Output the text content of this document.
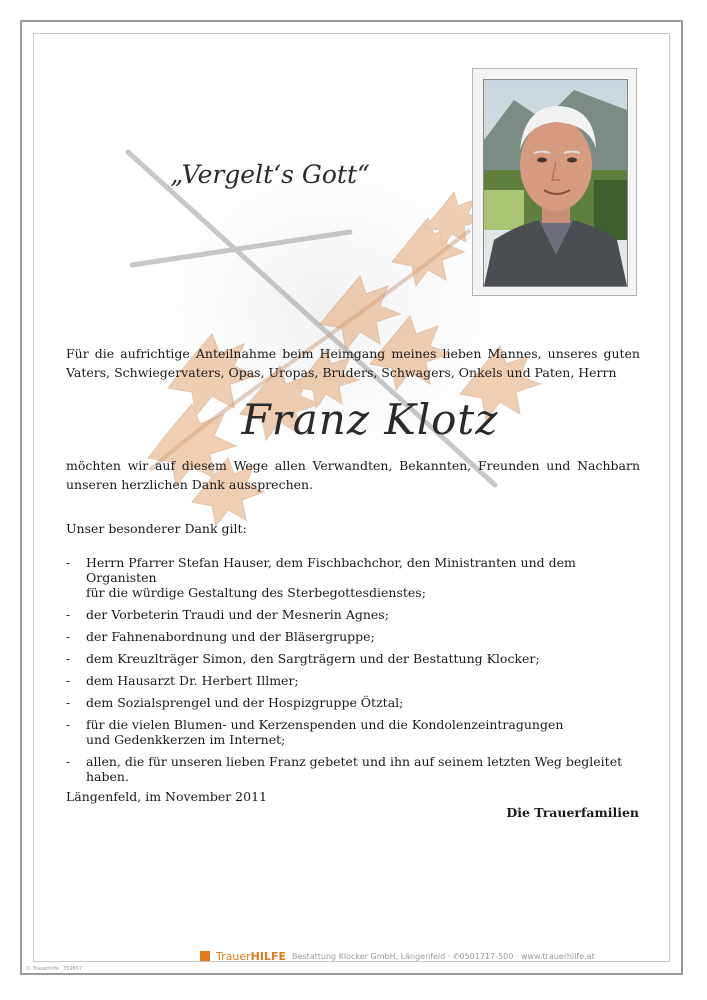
„Vergelt‘s Gott“
Für die aufrichtige Anteilnahme beim Heimgang meines lieben Mannes, unseres guten Vaters, Schwiegervaters, Opas, Uropas, Bruders, Schwagers, Onkels und Paten, Herrn
Franz Klotz
möchten wir auf diesem Wege allen Verwandten, Bekannten, Freunden und Nachbarn unseren herzlichen Dank aussprechen.
Unser besonderer Dank gilt:
- Herrn Pfarrer Stefan Hauser, dem Fischbachchor, den Ministranten und dem Organisten
für die würdige Gestaltung des Sterbegottesdienstes;
- der Vorbeterin Traudi und der Mesnerin Agnes;
- der Fahnenabordnung und der Bläsergruppe;
- dem Kreuzlträger Simon, den Sargträgern und der Bestattung Klocker;
- dem Hausarzt Dr. Herbert Illmer;
- dem Sozialsprengel und der Hospizgruppe Ötztal;
- für die vielen Blumen- und Kerzenspenden und die Kondolenzeintragungen
und Gedenkkerzen im Internet;
- allen, die für unseren lieben Franz gebetet und ihn auf seinem letzten Weg begleitet haben.
Längenfeld, im November 2011
Die Trauerfamilien
TrauerHILFE Bestattung Klocker GmbH, Längenfeld · ✆0501717-500 · www.trauerhilfe.at
© Trauerhilfe _359657
